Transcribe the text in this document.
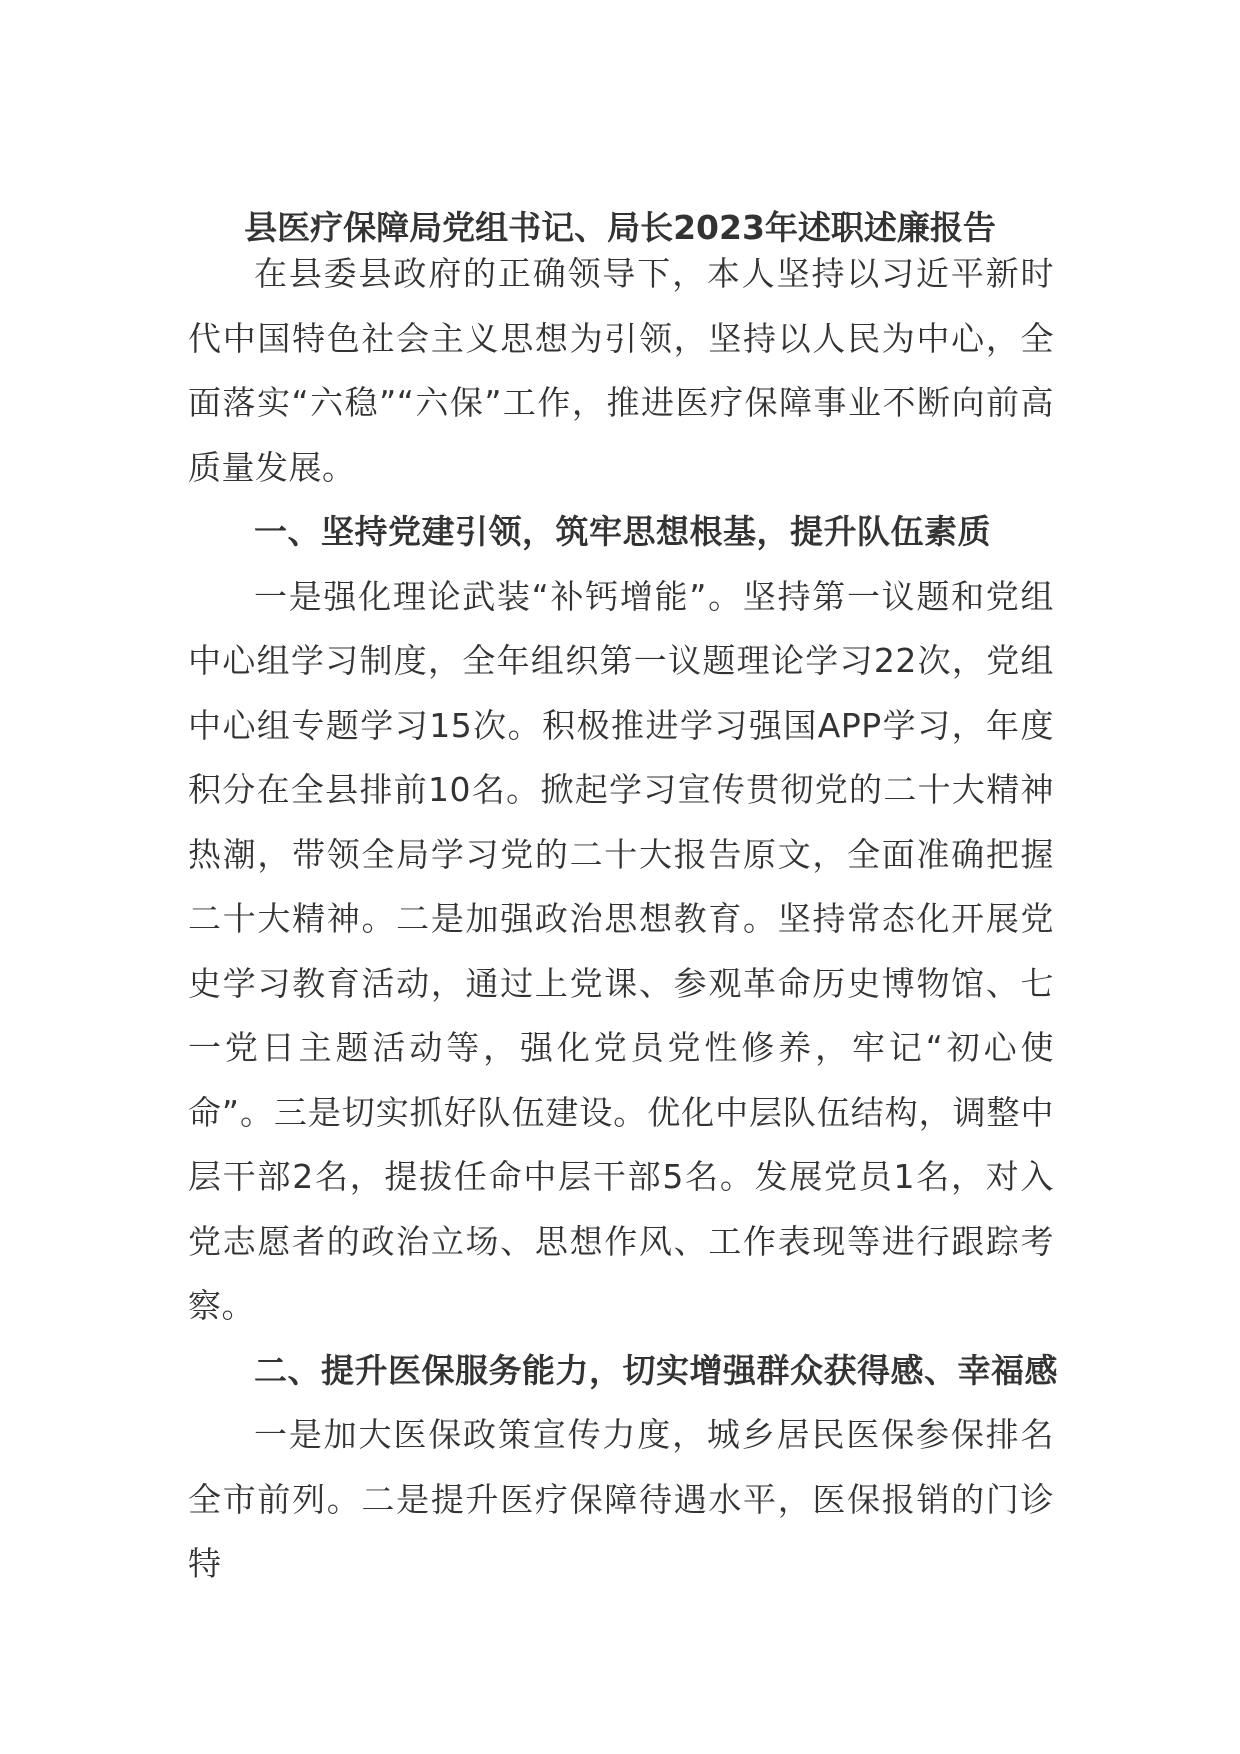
县医疗保障局党组书记、局长2023年述职述廉报告

在县委县政府的正确领导下，本人坚持以习近平新时代中国特色社会主义思想为引领，坚持以人民为中心，全面落实“六稳”“六保”工作，推进医疗保障事业不断向前高质量发展。

一、坚持党建引领，筑牢思想根基，提升队伍素质

一是强化理论武装“补钙增能”。坚持第一议题和党组中心组学习制度，全年组织第一议题理论学习22次，党组中心组专题学习15次。积极推进学习强国APP学习，年度积分在全县排前10名。掀起学习宣传贯彻党的二十大精神热潮，带领全局学习党的二十大报告原文，全面准确把握二十大精神。二是加强政治思想教育。坚持常态化开展党史学习教育活动，通过上党课、参观革命历史博物馆、七一党日主题活动等，强化党员党性修养，牢记“初心使命”。三是切实抓好队伍建设。优化中层队伍结构，调整中层干部2名，提拔任命中层干部5名。发展党员1名，对入党志愿者的政治立场、思想作风、工作表现等进行跟踪考察。

二、提升医保服务能力，切实增强群众获得感、幸福感

一是加大医保政策宣传力度，城乡居民医保参保排名全市前列。二是提升医疗保障待遇水平，医保报销的门诊特
